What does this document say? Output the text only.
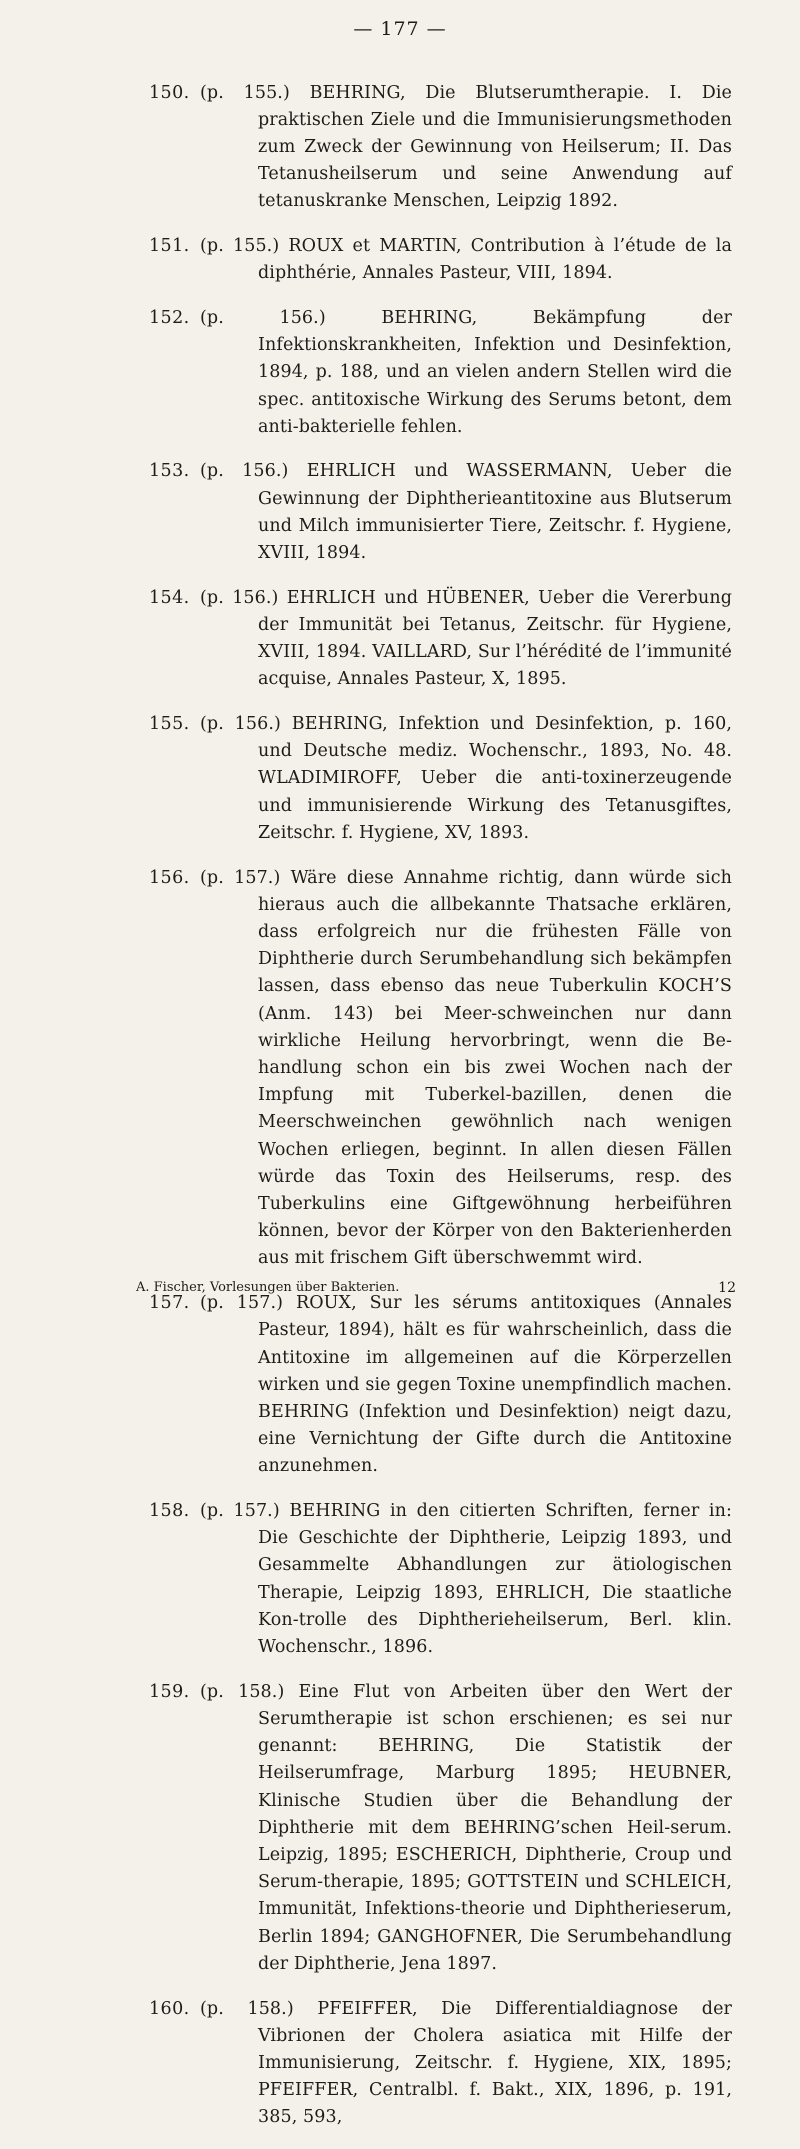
— 177 —
150. (p. 155.) BEHRING, Die Blutserumtherapie. I. Die praktischen Ziele und die Immunisierungsmethoden zum Zweck der Gewinnung von Heilserum; II. Das Tetanusheilserum und seine Anwendung auf tetanuskranke Menschen, Leipzig 1892.

151. (p. 155.) ROUX et MARTIN, Contribution à l’étude de la diphthérie, Annales Pasteur, VIII, 1894.

152. (p. 156.) BEHRING, Bekämpfung der Infektionskrankheiten, Infektion und Desinfektion, 1894, p. 188, und an vielen andern Stellen wird die spec. antitoxische Wirkung des Serums betont, dem anti-bakterielle fehlen.

153. (p. 156.) EHRLICH und WASSERMANN, Ueber die Gewinnung der Diphtherieantitoxine aus Blutserum und Milch immunisierter Tiere, Zeitschr. f. Hygiene, XVIII, 1894.

154. (p. 156.) EHRLICH und HÜBENER, Ueber die Vererbung der Immunität bei Tetanus, Zeitschr. für Hygiene, XVIII, 1894. VAILLARD, Sur l’hérédité de l’immunité acquise, Annales Pasteur, X, 1895.

155. (p. 156.) BEHRING, Infektion und Desinfektion, p. 160, und Deutsche mediz. Wochenschr., 1893, No. 48. WLADIMIROFF, Ueber die anti-toxinerzeugende und immunisierende Wirkung des Tetanusgiftes, Zeitschr. f. Hygiene, XV, 1893.

156. (p. 157.) Wäre diese Annahme richtig, dann würde sich hieraus auch die allbekannte Thatsache erklären, dass erfolgreich nur die frühesten Fälle von Diphtherie durch Serumbehandlung sich bekämpfen lassen, dass ebenso das neue Tuberkulin KOCH’S (Anm. 143) bei Meer-schweinchen nur dann wirkliche Heilung hervorbringt, wenn die Be-handlung schon ein bis zwei Wochen nach der Impfung mit Tuberkel-bazillen, denen die Meerschweinchen gewöhnlich nach wenigen Wochen erliegen, beginnt. In allen diesen Fällen würde das Toxin des Heilserums, resp. des Tuberkulins eine Giftgewöhnung herbeiführen können, bevor der Körper von den Bakterienherden aus mit frischem Gift überschwemmt wird.

157. (p. 157.) ROUX, Sur les sérums antitoxiques (Annales Pasteur, 1894), hält es für wahrscheinlich, dass die Antitoxine im allgemeinen auf die Körperzellen wirken und sie gegen Toxine unempfindlich machen. BEHRING (Infektion und Desinfektion) neigt dazu, eine Vernichtung der Gifte durch die Antitoxine anzunehmen.

158. (p. 157.) BEHRING in den citierten Schriften, ferner in: Die Geschichte der Diphtherie, Leipzig 1893, und Gesammelte Abhandlungen zur ätiologischen Therapie, Leipzig 1893, EHRLICH, Die staatliche Kon-trolle des Diphtherieheilserum, Berl. klin. Wochenschr., 1896.

159. (p. 158.) Eine Flut von Arbeiten über den Wert der Serumtherapie ist schon erschienen; es sei nur genannt: BEHRING, Die Statistik der Heilserumfrage, Marburg 1895; HEUBNER, Klinische Studien über die Behandlung der Diphtherie mit dem BEHRING’schen Heil-serum. Leipzig, 1895; ESCHERICH, Diphtherie, Croup und Serum-therapie, 1895; GOTTSTEIN und SCHLEICH, Immunität, Infektions-theorie und Diphtherieserum, Berlin 1894; GANGHOFNER, Die Serumbehandlung der Diphtherie, Jena 1897.

160. (p. 158.) PFEIFFER, Die Differentialdiagnose der Vibrionen der Cholera asiatica mit Hilfe der Immunisierung, Zeitschr. f. Hygiene, XIX, 1895; PFEIFFER, Centralbl. f. Bakt., XIX, 1896, p. 191, 385, 593,

A. Fischer, Vorlesungen über Bakterien.	12
